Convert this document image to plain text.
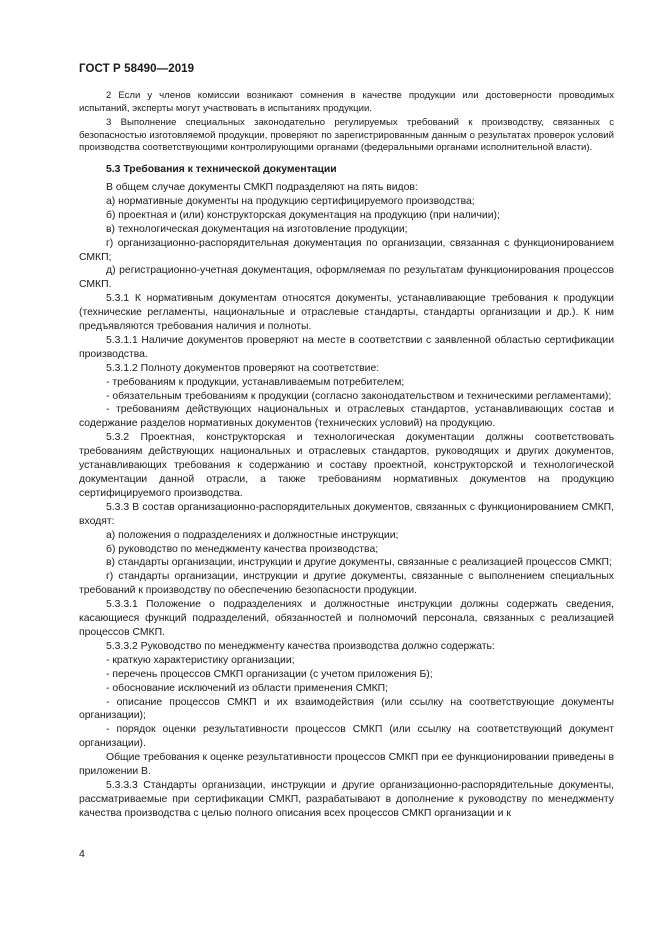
ГОСТ Р 58490—2019

2 Если у членов комиссии возникают сомнения в качестве продукции или достоверности проводимых испытаний, эксперты могут участвовать в испытаниях продукции.

3 Выполнение специальных законодательно регулируемых требований к производству, связанных с безопасностью изготовляемой продукции, проверяют по зарегистрированным данным о результатах проверок условий производства соответствующими контролирующими органами (федеральными органами исполнительной власти).

5.3 Требования к технической документации

В общем случае документы СМКП подразделяют на пять видов:

а) нормативные документы на продукцию сертифицируемого производства;

б) проектная и (или) конструкторская документация на продукцию (при наличии);

в) технологическая документация на изготовление продукции;

г) организационно-распорядительная документация по организации, связанная с функционированием СМКП;

д) регистрационно-учетная документация, оформляемая по результатам функционирования процессов СМКП.

5.3.1 К нормативным документам относятся документы, устанавливающие требования к продукции (технические регламенты, национальные и отраслевые стандарты, стандарты организации и др.). К ним предъявляются требования наличия и полноты.

5.3.1.1 Наличие документов проверяют на месте в соответствии с заявленной областью сертификации производства.

5.3.1.2 Полноту документов проверяют на соответствие:

- требованиям к продукции, устанавливаемым потребителем;

- обязательным требованиям к продукции (согласно законодательством и техническими регламентами);

- требованиям действующих национальных и отраслевых стандартов, устанавливающих состав и содержание разделов нормативных документов (технических условий) на продукцию.

5.3.2 Проектная, конструкторская и технологическая документации должны соответствовать требованиям действующих национальных и отраслевых стандартов, руководящих и других документов, устанавливающих требования к содержанию и составу проектной, конструкторской и технологической документации данной отрасли, а также требованиям нормативных документов на продукцию сертифицируемого производства.

5.3.3 В состав организационно-распорядительных документов, связанных с функционированием СМКП, входят:

а) положения о подразделениях и должностные инструкции;

б) руководство по менеджменту качества производства;

в) стандарты организации, инструкции и другие документы, связанные с реализацией процессов СМКП;

г) стандарты организации, инструкции и другие документы, связанные с выполнением специальных требований к производству по обеспечению безопасности продукции.

5.3.3.1 Положение о подразделениях и должностные инструкции должны содержать сведения, касающиеся функций подразделений, обязанностей и полномочий персонала, связанных с реализацией процессов СМКП.

5.3.3.2 Руководство по менеджменту качества производства должно содержать:

- краткую характеристику организации;

- перечень процессов СМКП организации (с учетом приложения Б);

- обоснование исключений из области применения СМКП;

- описание процессов СМКП и их взаимодействия (или ссылку на соответствующие документы организации);

- порядок оценки результативности процессов СМКП (или ссылку на соответствующий документ организации).

Общие требования к оценке результативности процессов СМКП при ее функционировании приведены в приложении В.

5.3.3.3 Стандарты организации, инструкции и другие организационно-распорядительные документы, рассматриваемые при сертификации СМКП, разрабатывают в дополнение к руководству по менеджменту качества производства с целью полного описания всех процессов СМКП организации и к

4
